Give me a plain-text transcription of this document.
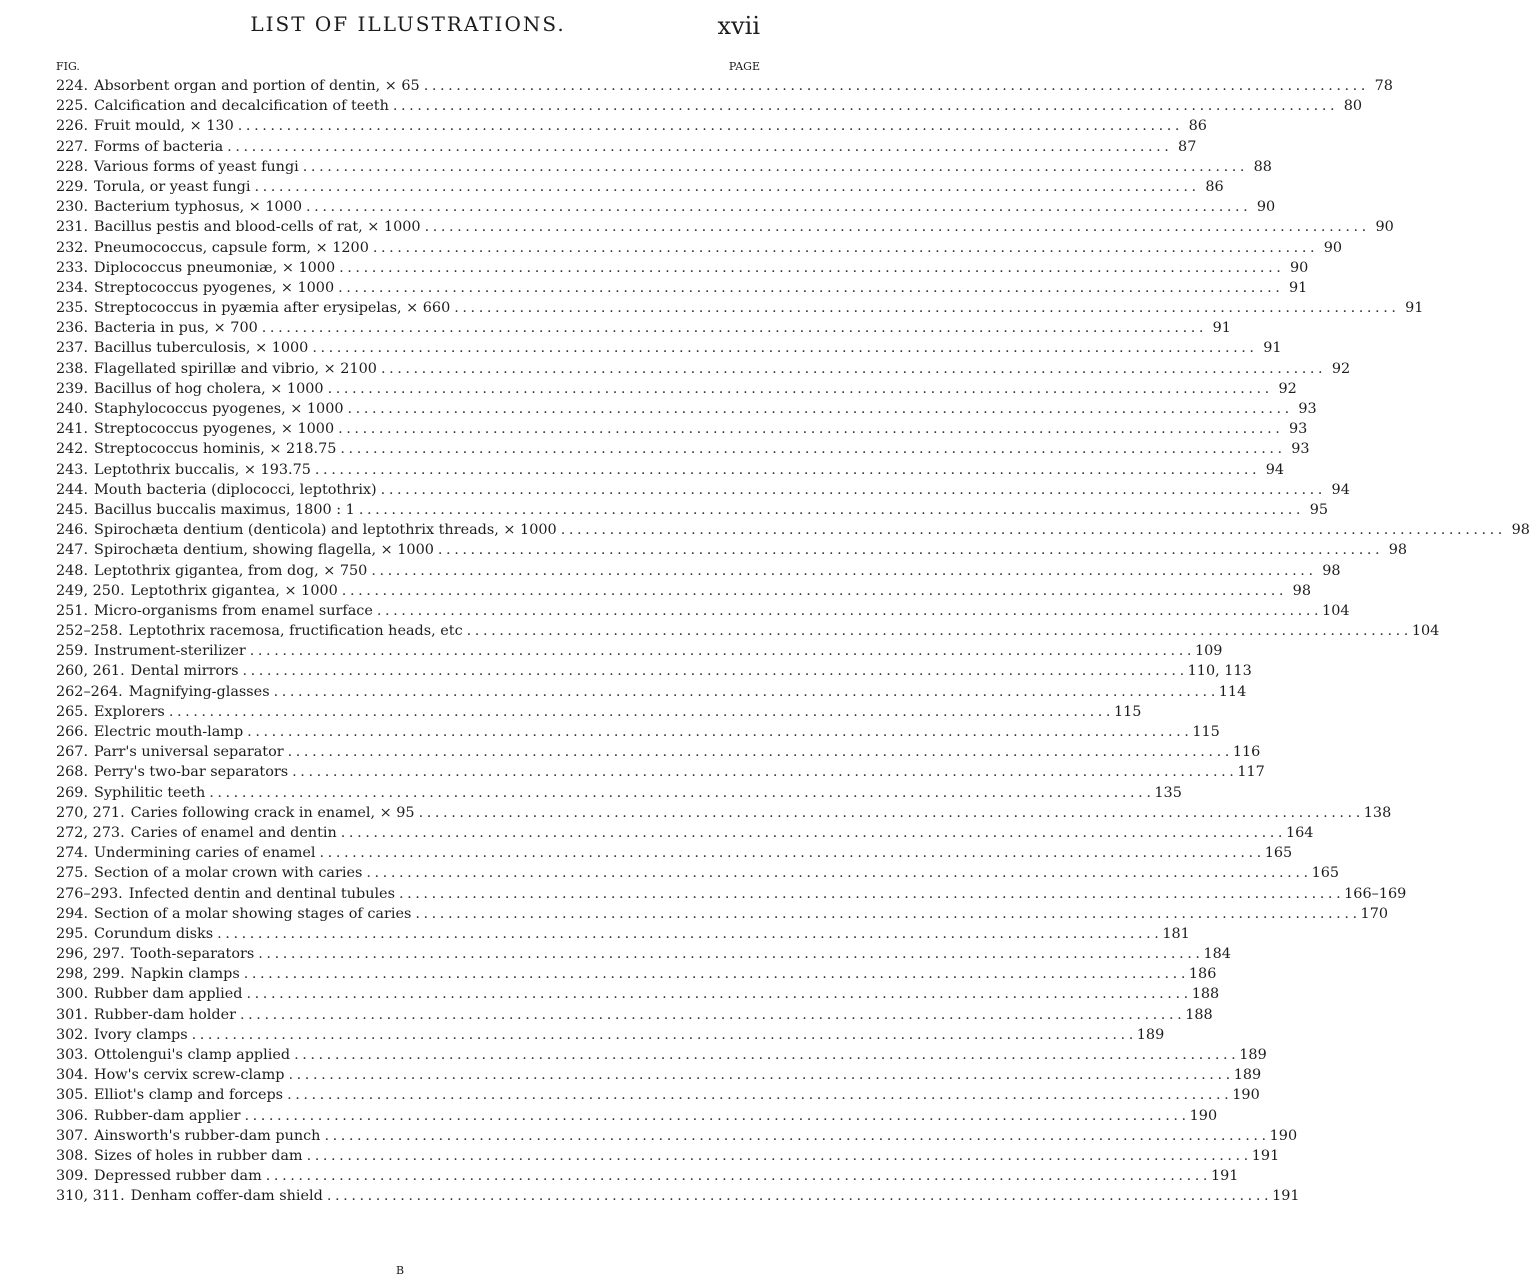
LIST OF ILLUSTRATIONS.	xvii
FIG.	PAGE
224. Absorbent organ and portion of dentin, × 65 . . .	78
225. Calcification and decalcification of teeth . . .	80
226. Fruit mould, × 130 . . .	86
227. Forms of bacteria . . .	87
228. Various forms of yeast fungi . . .	88
229. Torula, or yeast fungi . . .	86
230. Bacterium typhosus, × 1000 . . .	90
231. Bacillus pestis and blood-cells of rat, × 1000 . . .	90
232. Pneumococcus, capsule form, × 1200 . . .	90
233. Diplococcus pneumoniæ, × 1000 . . .	90
234. Streptococcus pyogenes, × 1000 . . .	91
235. Streptococcus in pyæmia after erysipelas, × 660 . . .	91
236. Bacteria in pus, × 700 . . .	91
237. Bacillus tuberculosis, × 1000 . . .	91
238. Flagellated spirillæ and vibrio, × 2100 . . .	92
239. Bacillus of hog cholera, × 1000 . . .	92
240. Staphylococcus pyogenes, × 1000 . . .	93
241. Streptococcus pyogenes, × 1000 . . .	93
242. Streptococcus hominis, × 218.75 . . .	93
243. Leptothrix buccalis, × 193.75 . . .	94
244. Mouth bacteria (diplococci, leptothrix) . . .	94
245. Bacillus buccalis maximus, 1800 : 1 . . .	95
246. Spirochæta dentium (denticola) and leptothrix threads, × 1000 . . .	98
247. Spirochæta dentium, showing flagella, × 1000 . . .	98
248. Leptothrix gigantea, from dog, × 750 . . .	98
249, 250. Leptothrix gigantea, × 1000 . . .	98
251. Micro-organisms from enamel surface . . .	104
252–258. Leptothrix racemosa, fructification heads, etc . . .	104
259. Instrument-sterilizer . . .	109
260, 261. Dental mirrors . . .	110, 113
262–264. Magnifying-glasses . . .	114
265. Explorers . . .	115
266. Electric mouth-lamp . . .	115
267. Parr's universal separator . . .	116
268. Perry's two-bar separators . . .	117
269. Syphilitic teeth . . .	135
270, 271. Caries following crack in enamel, × 95 . . .	138
272, 273. Caries of enamel and dentin . . .	164
274. Undermining caries of enamel . . .	165
275. Section of a molar crown with caries . . .	165
276–293. Infected dentin and dentinal tubules . . .	166–169
294. Section of a molar showing stages of caries . . .	170
295. Corundum disks . . .	181
296, 297. Tooth-separators . . .	184
298, 299. Napkin clamps . . .	186
300. Rubber dam applied . . .	188
301. Rubber-dam holder . . .	188
302. Ivory clamps . . .	189
303. Ottolengui's clamp applied . . .	189
304. How's cervix screw-clamp . . .	189
305. Elliot's clamp and forceps . . .	190
306. Rubber-dam applier . . .	190
307. Ainsworth's rubber-dam punch . . .	190
308. Sizes of holes in rubber dam . . .	191
309. Depressed rubber dam . . .	191
310, 311. Denham coffer-dam shield . . .	191
B
